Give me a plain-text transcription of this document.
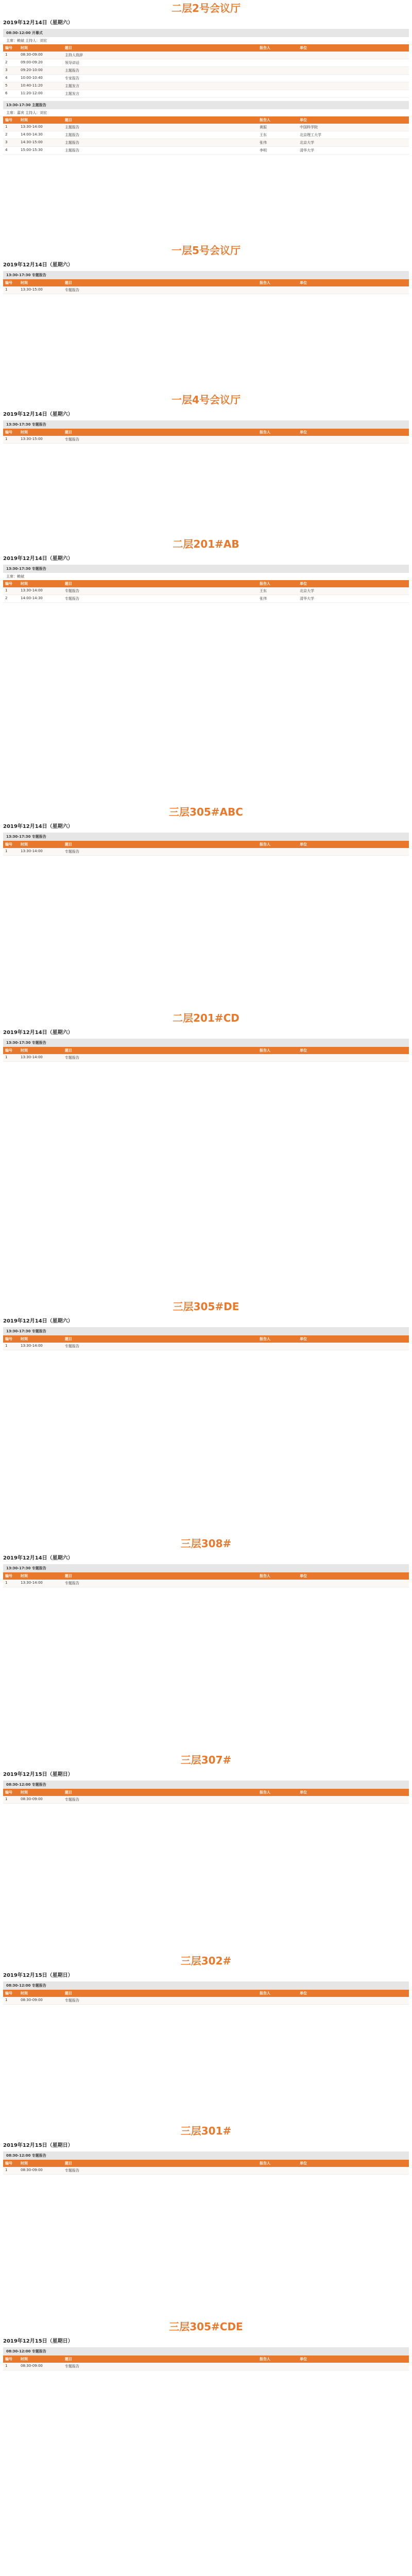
二层2号会议厅
2019年12月14日（星期六）
08:30-12:00 开幕式
主席：赖斌 主持人：刘宏
编号	时间	题目	报告人	单位
1	08:30-09:00	主持人致辞		
2	09:00-09:20	领导讲话		
3	09:20-10:00	主题报告		
4	10:00-10:40	专家报告		
5	10:40-11:20	主题发言		
6	11:20-12:00	主题发言		
13:30-17:30 主题报告
主席：嘉宾 主持人：刘宏
编号	时间	题目	报告人	单位
1	13:30-14:00	主题报告	黄振	中国科学院
2	14:00-14:30	主题报告	王东	北京理工大学
3	14:30-15:00	主题报告	张伟	北京大学
4	15:00-15:30	主题报告	李明	清华大学
一层5号会议厅
2019年12月14日（星期六）
13:30-17:30 专题报告
编号	时间	题目	报告人	单位
1	13:30-15:00	专题报告		
一层4号会议厅
2019年12月14日（星期六）
13:30-17:30 专题报告
编号	时间	题目	报告人	单位
1	13:30-15:00	专题报告		
二层201#AB
2019年12月14日（星期六）
13:30-17:30 专题报告
主席：赖斌
编号	时间	题目	报告人	单位
1	13:30-14:00	专题报告	王东	北京大学
2	14:00-14:30	专题报告	张伟	清华大学
三层305#ABC
2019年12月14日（星期六）
13:30-17:30 专题报告
编号	时间	题目	报告人	单位
1	13:30-14:00	专题报告		
二层201#CD
2019年12月14日（星期六）
13:30-17:30 专题报告
编号	时间	题目	报告人	单位
1	13:30-14:00	专题报告		
三层305#DE
2019年12月14日（星期六）
13:30-17:30 专题报告
编号	时间	题目	报告人	单位
1	13:30-14:00	专题报告		
三层308#
2019年12月14日（星期六）
13:30-17:30 专题报告
编号	时间	题目	报告人	单位
1	13:30-14:00	专题报告		
三层307#
2019年12月15日（星期日）
08:30-12:00 专题报告
编号	时间	题目	报告人	单位
1	08:30-09:00	专题报告		
三层302#
2019年12月15日（星期日）
08:30-12:00 专题报告
编号	时间	题目	报告人	单位
1	08:30-09:00	专题报告		
三层301#
2019年12月15日（星期日）
08:30-12:00 专题报告
编号	时间	题目	报告人	单位
1	08:30-09:00	专题报告		
三层305#CDE
2019年12月15日（星期日）
08:30-12:00 专题报告
编号	时间	题目	报告人	单位
1	08:30-09:00	专题报告		
